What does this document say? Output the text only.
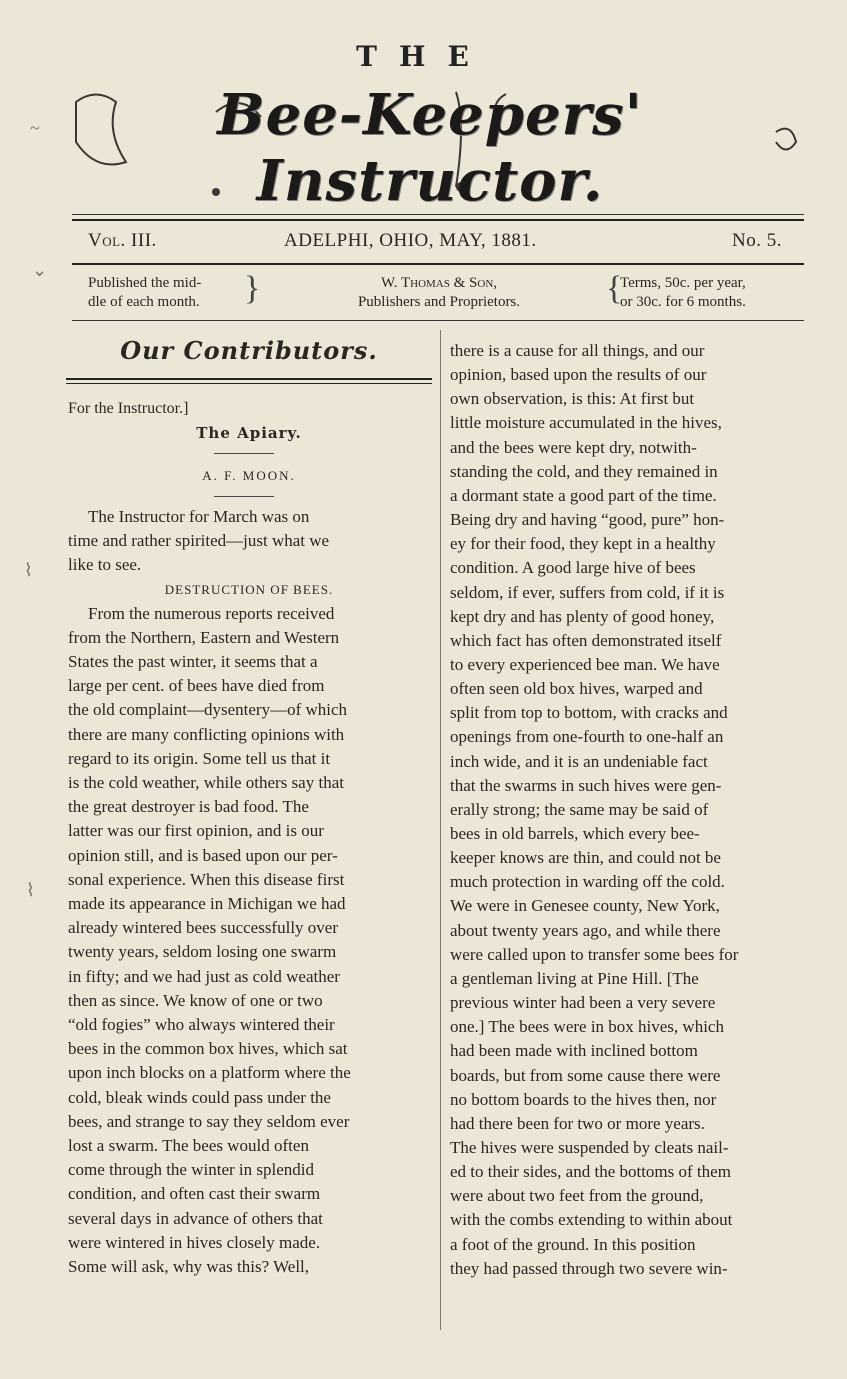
THE
Bee-Keepers' Instructor.
Vol. III.	ADELPHI, OHIO, MAY, 1881.	No. 5.
Published the mid-
dle of each month. }	W. Thomas & Son,
Publishers and Proprietors.	{
Terms, 50c. per year,
or 30c. for 6 months.
Our Contributors.
For the Instructor.]
The Apiary.
A. F. MOON.
DESTRUCTION OF BEES.
~
⌄
⌇
⌇
The Instructor for March was on
time and rather spirited—just what we
like to see.
From the numerous reports received
from the Northern, Eastern and Western
States the past winter, it seems that a
large per cent. of bees have died from
the old complaint—dysentery—of which
there are many conflicting opinions with
regard to its origin. Some tell us that it
is the cold weather, while others say that
the great destroyer is bad food. The
latter was our first opinion, and is our
opinion still, and is based upon our per-
sonal experience. When this disease first
made its appearance in Michigan we had
already wintered bees successfully over
twenty years, seldom losing one swarm
in fifty; and we had just as cold weather
then as since. We know of one or two
“old fogies” who always wintered their
bees in the common box hives, which sat
upon inch blocks on a platform where the
cold, bleak winds could pass under the
bees, and strange to say they seldom ever
lost a swarm. The bees would often
come through the winter in splendid
condition, and often cast their swarm
several days in advance of others that
were wintered in hives closely made.
Some will ask, why was this? Well,
there is a cause for all things, and our
opinion, based upon the results of our
own observation, is this: At first but
little moisture accumulated in the hives,
and the bees were kept dry, notwith-
standing the cold, and they remained in
a dormant state a good part of the time.
Being dry and having “good, pure” hon-
ey for their food, they kept in a healthy
condition. A good large hive of bees
seldom, if ever, suffers from cold, if it is
kept dry and has plenty of good honey,
which fact has often demonstrated itself
to every experienced bee man. We have
often seen old box hives, warped and
split from top to bottom, with cracks and
openings from one-fourth to one-half an
inch wide, and it is an undeniable fact
that the swarms in such hives were gen-
erally strong; the same may be said of
bees in old barrels, which every bee-
keeper knows are thin, and could not be
much protection in warding off the cold.
We were in Genesee county, New York,
about twenty years ago, and while there
were called upon to transfer some bees for
a gentleman living at Pine Hill. [The
previous winter had been a very severe
one.] The bees were in box hives, which
had been made with inclined bottom
boards, but from some cause there were
no bottom boards to the hives then, nor
had there been for two or more years.
The hives were suspended by cleats nail-
ed to their sides, and the bottoms of them
were about two feet from the ground,
with the combs extending to within about
a foot of the ground. In this position
they had passed through two severe win-
